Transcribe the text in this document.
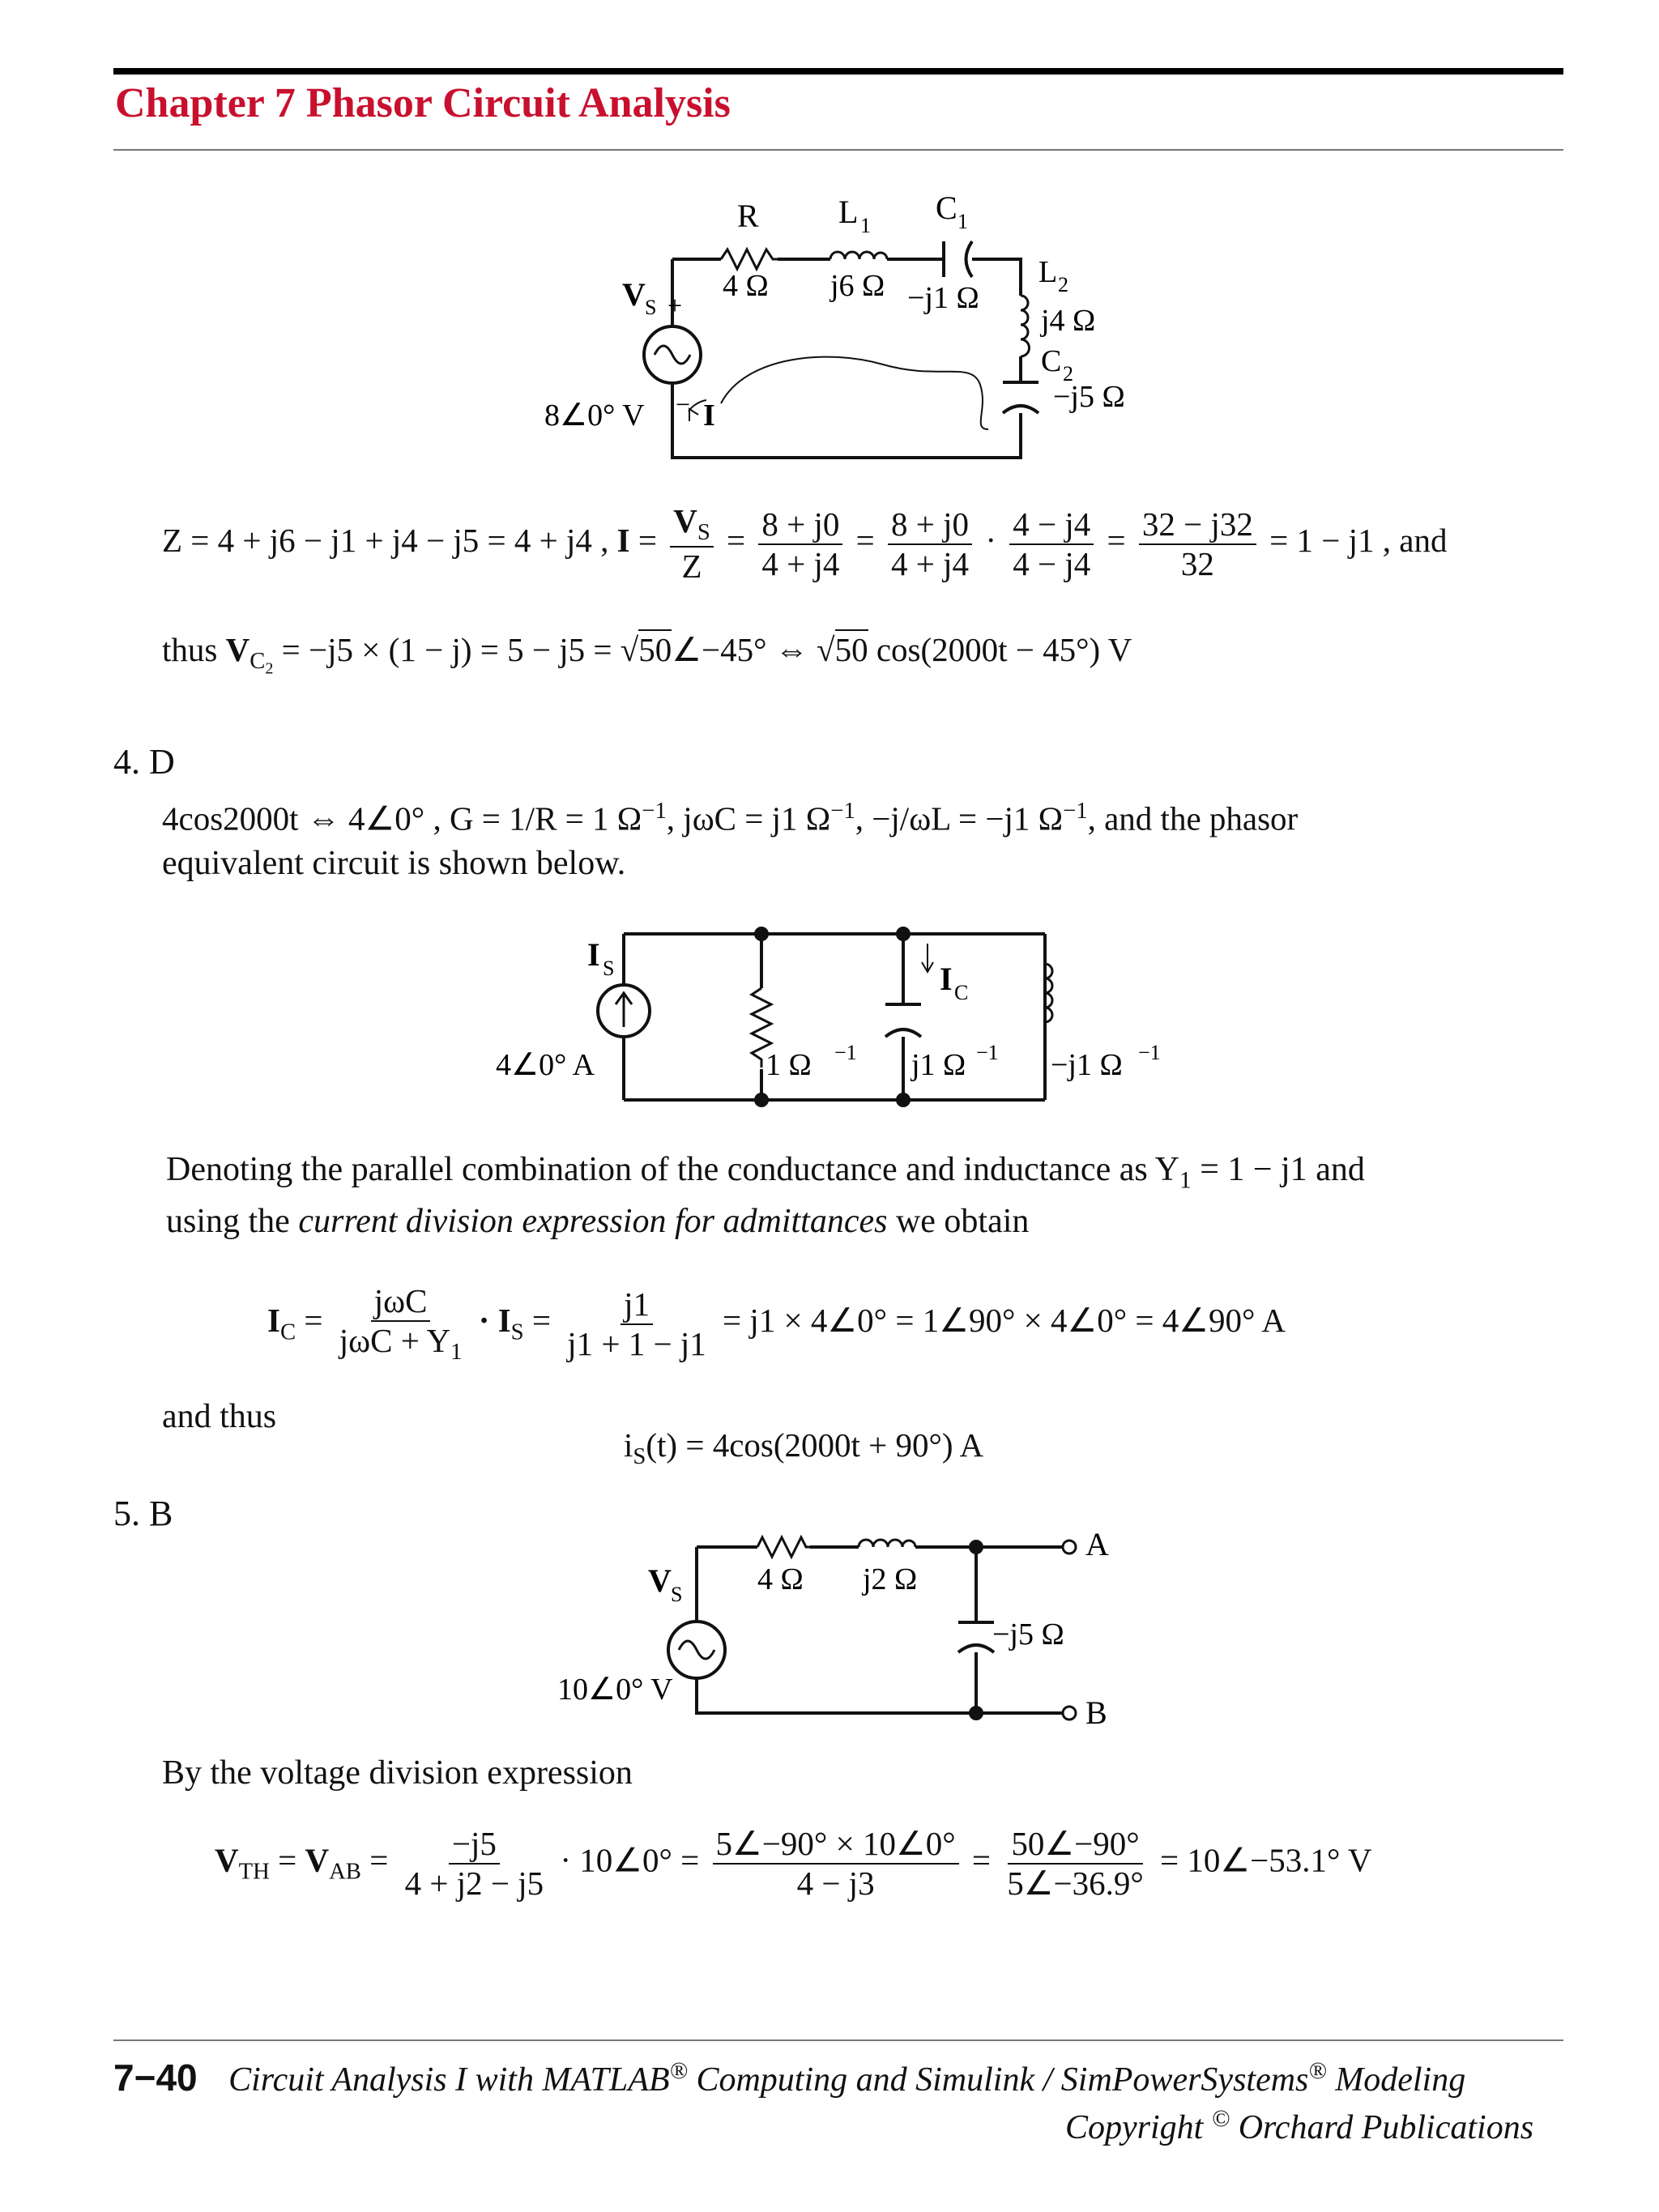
Chapter 7 Phasor Circuit Analysis
R
4 Ω
L 1
j6 Ω
C 1
−j1 Ω
L 2
j4 Ω
C 2
−j5 Ω
V S +
−
8∠0° V I
Z = 4 + j6 − j1 + j4 − j5 = 4 + j4 , $I = \frac{V_S}{Z} = \frac{8 + j0}{4 + j4} = \frac{8 + j0}{4 + j4} \cdot \frac{4 - j4}{4 - j4} = \frac{32 - j32}{32} = 1 - j1$ , and
thus $V_{C_2} = -j5 \times (1 - j) = 5 - j5$ = √50∠−45° ⇔ √50 cos(2000t − 45°) V
4. D
4cos2000t ⇔ 4∠0° , G = 1/R = 1 $\Omega^{-1}$, jωC = j1 $\Omega^{-1}$, −j/ωL = −j1 $\Omega^{-1}$, and the phasor
equivalent circuit is shown below.
I S
4∠0° A	1 Ω −1 j1 Ω −1
I C
−j1 Ω −1
Denoting the parallel combination of the conductance and inductance as $Y_1 = 1 - j1$ and
using the current division expression for admittances we obtain
$I_C = \frac{\text{jωC}}{j\omega C + Y_1} \cdot I_S = \frac{j1}{j1 + 1 - j1} = j1$ × 4∠0° = 1∠90° × 4∠0° = 4∠90° A
and thus
$i_S(t) = 4\cos(2000t + 90^\circ)$ A
5. B
4 Ω j2 Ω
−j5 Ω
V S
10∠0° V
A
B
By the voltage division expression
$V_{TH} = V_{AB} = \frac{-j5}{4 + j2 - j5}$ · 10∠0° = $\frac{5\angle-90^\circ \times 10\angle 0^\circ}{4 - j3} = \frac{50\angle-90^\circ}{5\angle-36.9^\circ}$ = 10∠−53.1° V
7−40 Circuit Analysis I with MATLAB® Computing and Simulink / SimPowerSystems® Modeling
Copyright © Orchard Publications
